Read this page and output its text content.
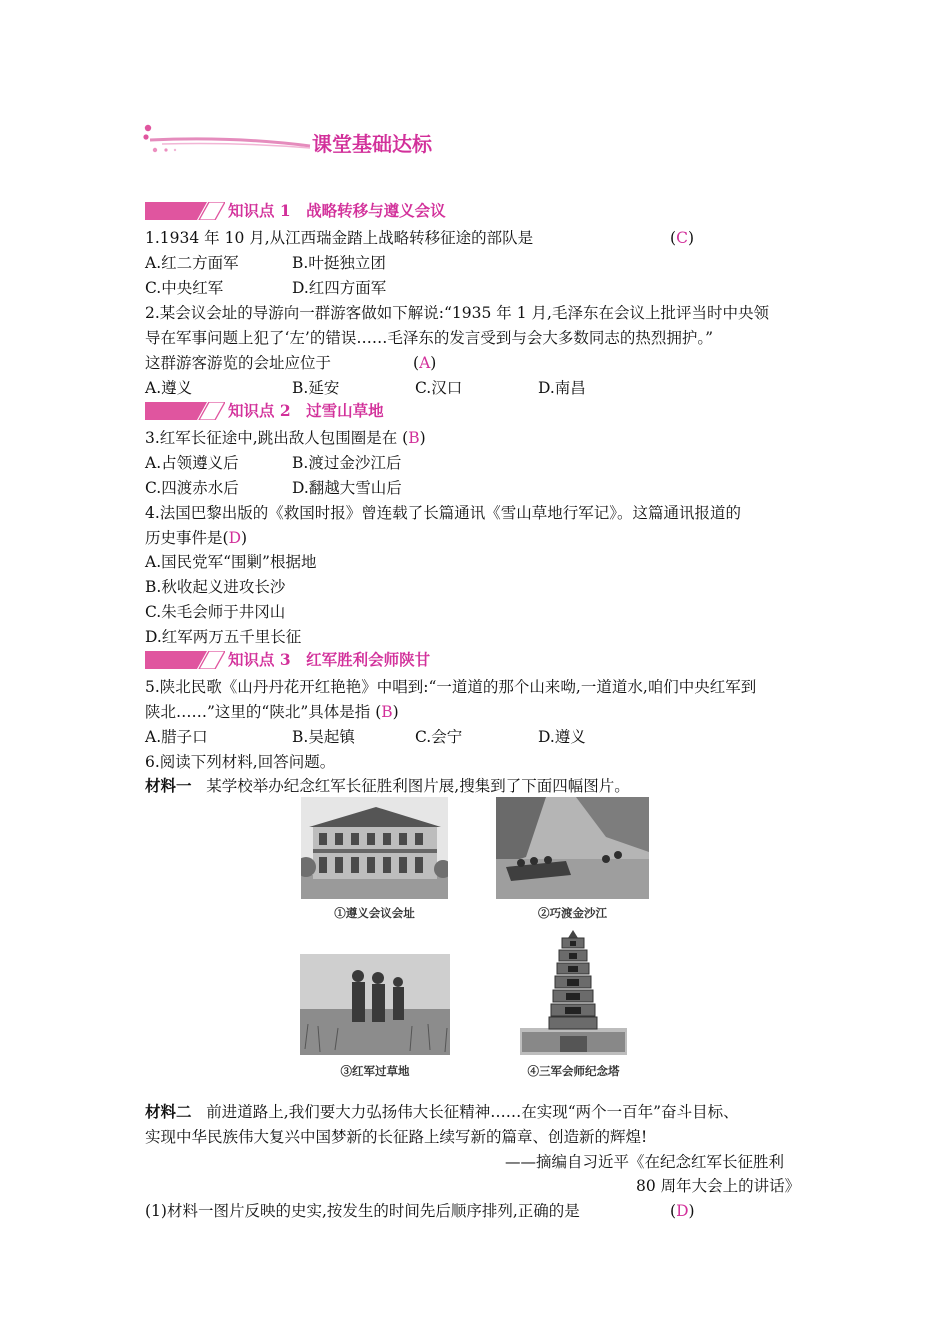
课堂基础达标
知识点 1　战略转移与遵义会议
1.1934 年 10 月,从江西瑞金踏上战略转移征途的部队是	(C)
A.红二方面军	B.叶挺独立团
C.中央红军	D.红四方面军
2.某会议会址的导游向一群游客做如下解说:“1935 年 1 月,毛泽东在会议上批评当时中央领
导在军事问题上犯了‘左’的错误……毛泽东的发言受到与会大多数同志的热烈拥护。”
这群游客游览的会址应位于	(A)
A.遵义	B.延安	C.汉口	D.南昌
知识点 2　过雪山草地
3.红军长征途中,跳出敌人包围圈是在 (B)
A.占领遵义后	B.渡过金沙江后
C.四渡赤水后	D.翻越大雪山后
4.法国巴黎出版的《救国时报》曾连载了长篇通讯《雪山草地行军记》。这篇通讯报道的
历史事件是(D)
A.国民党军“围剿”根据地
B.秋收起义进攻长沙
C.朱毛会师于井冈山
D.红军两万五千里长征
知识点 3　红军胜利会师陕甘
5.陕北民歌《山丹丹花开红艳艳》中唱到:“一道道的那个山来呦,一道道水,咱们中央红军到
陕北……”这里的“陕北”具体是指 (B)
A.腊子口	B.吴起镇	C.会宁	D.遵义
6.阅读下列材料,回答问题。
材料一 某学校举办纪念红军长征胜利图片展,搜集到了下面四幅图片。
①遵义会议会址	②巧渡金沙江
③红军过草地	④三军会师纪念塔
材料二 前进道路上,我们要大力弘扬伟大长征精神……在实现“两个一百年”奋斗目标、
实现中华民族伟大复兴中国梦新的长征路上续写新的篇章、创造新的辉煌!
——摘编自习近平《在纪念红军长征胜利
80 周年大会上的讲话》
(1)材料一图片反映的史实,按发生的时间先后顺序排列,正确的是	(D)
